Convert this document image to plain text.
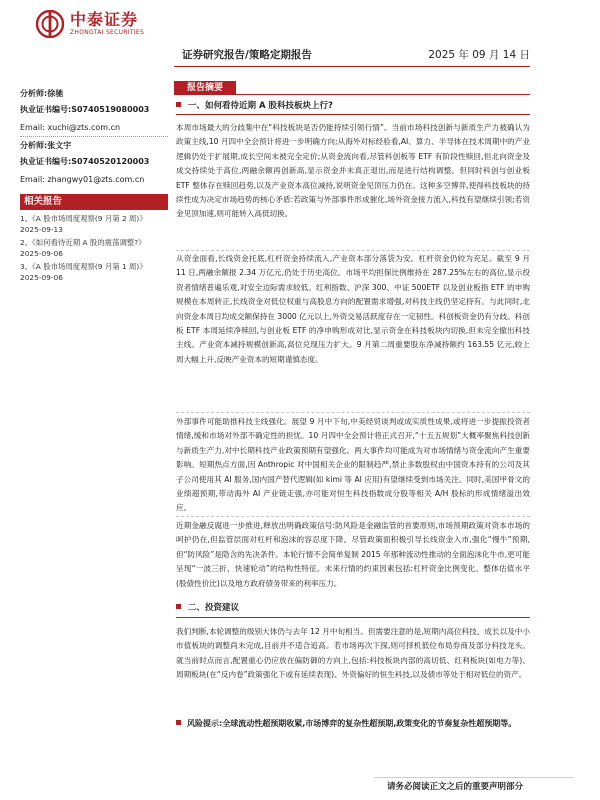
中泰证券
ZHONGTAI SECURITIES
证券研究报告/策略定期报告	2025 年 09 月 14 日
分析师:徐驰
执业证书编号:S0740519080003
Email: xuchi@zts.com.cn
分析师:张文宇
执业证书编号:S0740520120003
Email: zhangwy01@zts.com.cn
相关报告
1、《A 股市场周度观察(9 月第 2 周)》
2025-09-13
2、《如何看待近期 A 股的震荡调整?》
2025-09-06
3、《A 股市场周度观察(9 月第 1 周)》
2025-09-06
报告摘要
一、如何看待近期 A 股科技板块上行?
本周市场最大的分歧集中在“科技板块是否仍能持续引领行情”。当前市场科技创新与新质生产力被确认为政策主线,10 月四中全会预计将进一步明确方向;从海外对标经验看,AI、算力、半导体在技术周期中的产业逻辑仍处于扩展期,成长空间未被完全定价;从资金流向看,尽管科创板等 ETF 有阶段性赎回,但北向资金及成交持续处于高位,两融余额再创新高,显示资金并未真正退出,而是进行结构调整。但同时科创与创业板 ETF 整体存在赎回趋势,以及产业资本高位减持,说明资金见顶压力仍在。这种多空博弈,使得科技板块的持续性成为决定市场趋势的核心矛盾:若政策与外部事件形成催化,场外资金接力流入,科技有望继续引领;若资金见顶加速,则可能转入高低切换。
从资金面看,长线资金托底,杠杆资金持续流入,产业资本部分落袋为安。杠杆资金仍较为充足。截至 9 月 11 日,两融余额报 2.34 万亿元,仍处于历史高位。市场平均担保比例维持在 287.25%左右的高位,显示投资者情绪普遍乐观,对安全边际需求较低。红利指数、沪深 300、中证 500ETF 以及创业板指 ETF 的申购规模在本周转正,长线资金对低位权重与高股息方向的配置需求增强,对科技主线仍坚定持有。与此同时,北向资金本周日均成交额保持在 3000 亿元以上,外资交易活跃度存在一定韧性。科创板资金仍有分歧。科创板 ETF 本周延续净赎回,与创业板 ETF 的净申购形成对比,显示资金在科技板块内切换,但未完全撤出科技主线。产业资本减持规模创新高,高位兑现压力扩大。9 月第二周重要股东净减持额约 163.55 亿元,较上周大幅上升,反映产业资本的短期谨慎态度。
外部事件可能助推科技主线强化。展望 9 月中下旬,中美经贸谈判或成实质性成果,或将进一步提振投资者情绪,缓和市场对外部不确定性的担忧。10 月四中全会预计将正式召开,“十五五规划”大概率聚焦科技创新与新质生产力,对中长期科技产业政策预期有望强化。两大事件均可能成为对市场情绪与资金流向产生重要影响。短期热点方面,因 Anthropic 对中国相关企业的限制趋严,禁止多数股权由中国资本持有的公司及其子公司使用其 AI 服务,国内国产替代逻辑(如 kimi 等 AI 应用)有望继续受到市场关注。同时,美国甲骨文的业绩超预期,带动海外 AI 产业链走强,亦可能对恒生科技指数成分股等相关 A/H 股标的形成情绪溢出效应。
近期金融反腐进一步推进,释放出明确政策信号:防风险是金融监管的首要原则,市场预期政策对资本市场的呵护仍在,但监管层面对杠杆和泡沫的容忍度下降。尽管政策面积极引导长线资金入市,强化“慢牛”预期,但“防风险”是隐含的先决条件。本轮行情不会简单复制 2015 年那种流动性推动的全面泡沫化牛市,更可能呈现“一波三折、快速轮动”的结构性特征。未来行情的约束因素包括:杠杆资金比例变化、整体估值水平(股债性价比)以及地方政府债务带来的利率压力。
二、投资建议
我们判断,本轮调整的级别大体仍与去年 12 月中旬相当。但需要注意的是,短期内高位科技、成长以及中小市值板块的调整尚未完成,目前并不适合追高。若市场再次下探,则可择机低位布局券商及部分科技龙头。就当前时点而言,配置重心仍应放在偏防御的方向上,包括:科技板块内部的高切低、红利板块(如电力等)、周期板块(在“反内卷”政策强化下或有延续表现)、外资偏好的恒生科技,以及债市等处于相对低位的资产。
风险提示:全球流动性超预期收紧,市场博弈的复杂性超预期,政策变化的节奏复杂性超预期等。
请务必阅读正文之后的重要声明部分
